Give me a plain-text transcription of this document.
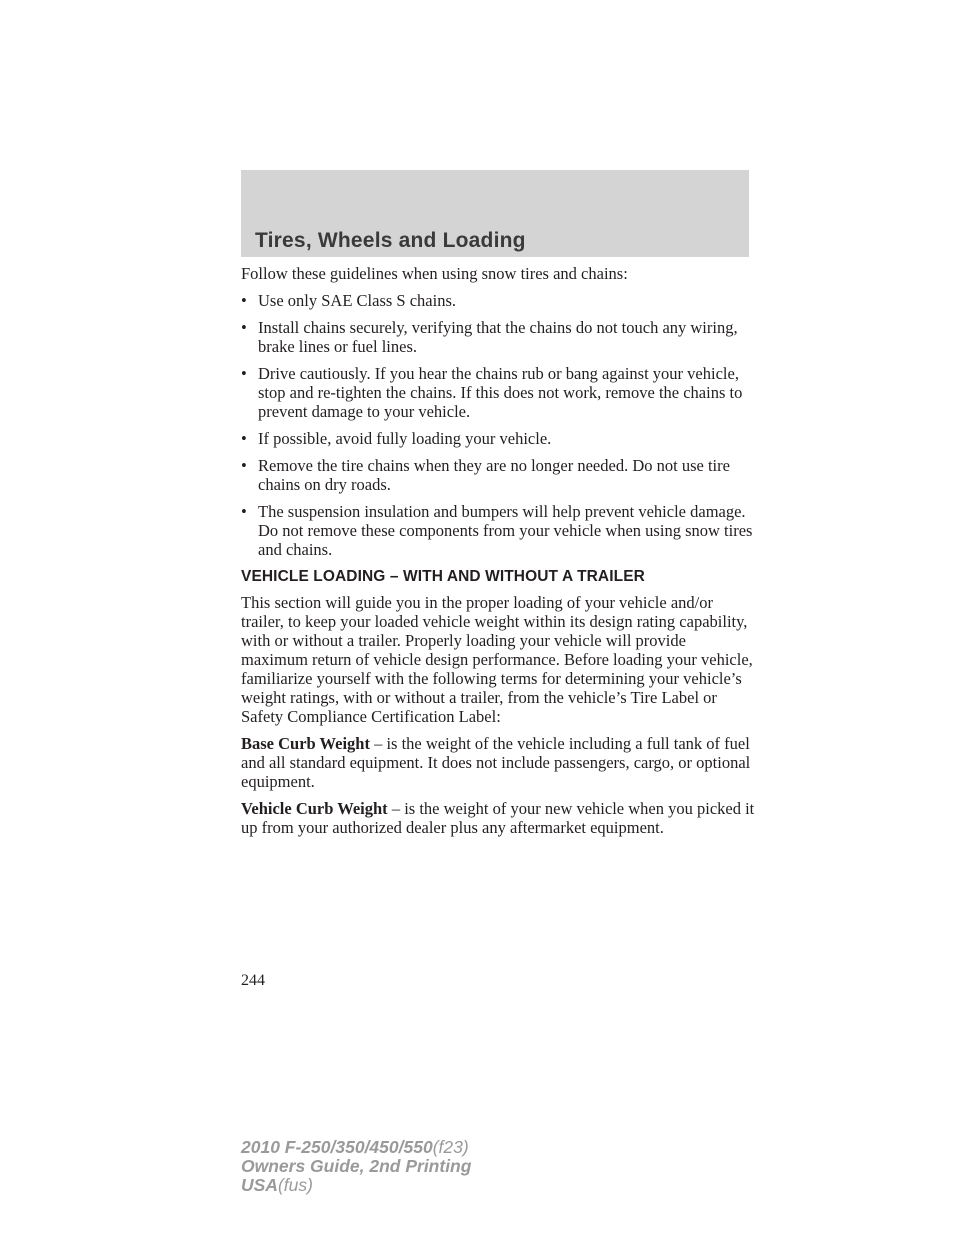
Tires, Wheels and Loading

Follow these guidelines when using snow tires and chains:

• Use only SAE Class S chains.
• Install chains securely, verifying that the chains do not touch any wiring, brake lines or fuel lines.
• Drive cautiously. If you hear the chains rub or bang against your vehicle, stop and re-tighten the chains. If this does not work, remove the chains to prevent damage to your vehicle.
• If possible, avoid fully loading your vehicle.
• Remove the tire chains when they are no longer needed. Do not use tire chains on dry roads.
• The suspension insulation and bumpers will help prevent vehicle damage. Do not remove these components from your vehicle when using snow tires and chains.

VEHICLE LOADING – WITH AND WITHOUT A TRAILER

This section will guide you in the proper loading of your vehicle and/or trailer, to keep your loaded vehicle weight within its design rating capability, with or without a trailer. Properly loading your vehicle will provide maximum return of vehicle design performance. Before loading your vehicle, familiarize yourself with the following terms for determining your vehicle’s weight ratings, with or without a trailer, from the vehicle’s Tire Label or Safety Compliance Certification Label:

Base Curb Weight – is the weight of the vehicle including a full tank of fuel and all standard equipment. It does not include passengers, cargo, or optional equipment.

Vehicle Curb Weight – is the weight of your new vehicle when you picked it up from your authorized dealer plus any aftermarket equipment.

244
2010 F-250/350/450/550(f23)
Owners Guide, 2nd Printing
USA(fus)
